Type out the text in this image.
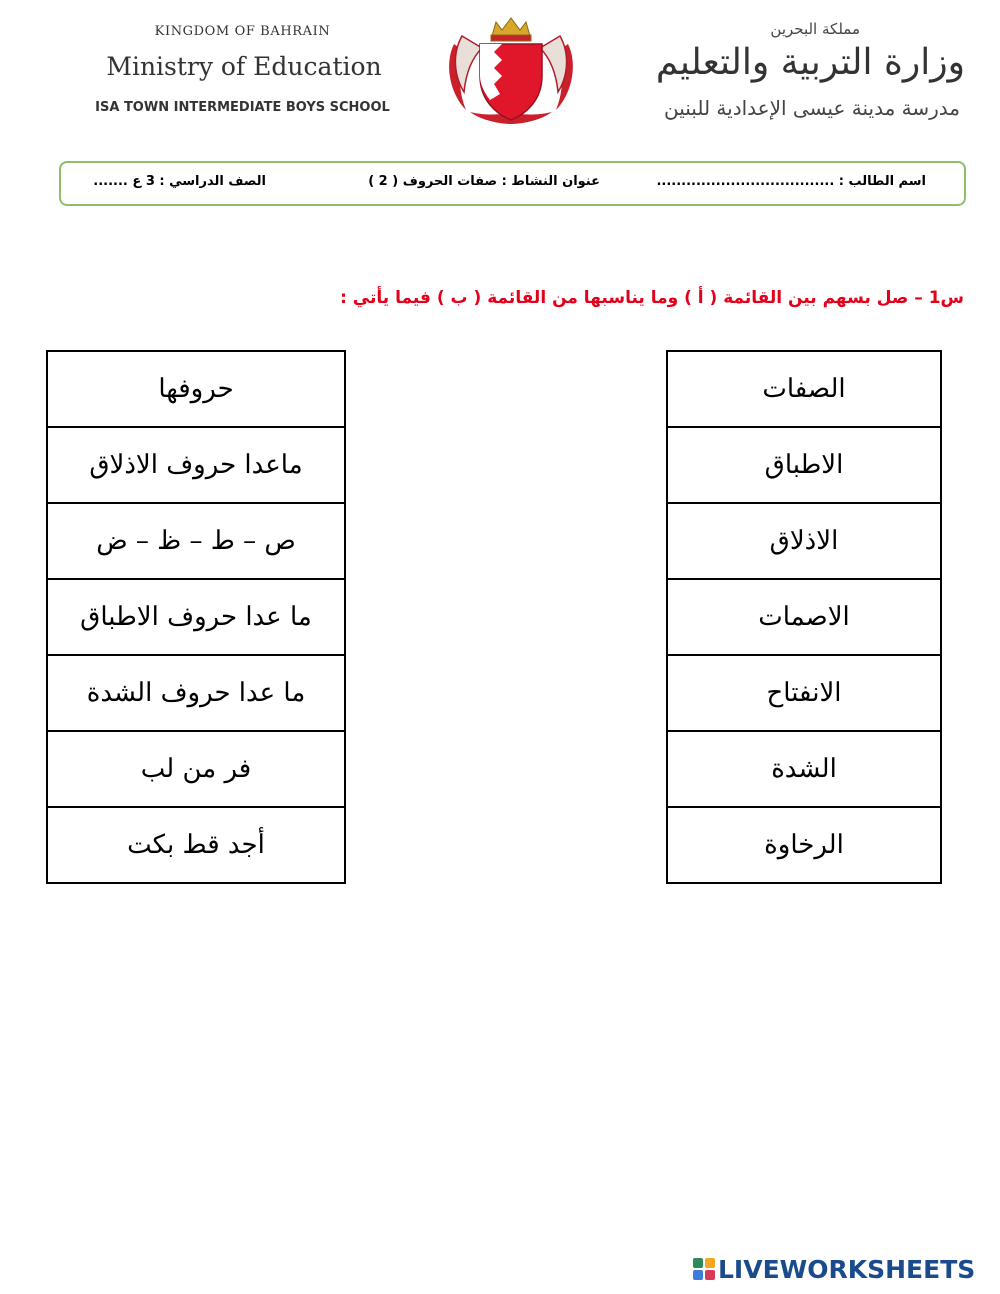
KINGDOM OF BAHRAIN
Ministry of Education
ISA TOWN INTERMEDIATE BOYS SCHOOL
مملكة البحرين
وزارة التربية والتعليم
مدرسة مدينة عيسى الإعدادية للبنين
اسم الطالب : ....................................
عنوان النشاط : صفات الحروف ( 2 )
الصف الدراسي : 3 ع .......
س1 – صل بسهم بين القائمة ( أ ) وما يناسبها من القائمة ( ب ) فيما يأتي :
حروفها
ماعدا حروف الاذلاق
ص – ط – ظ – ض
ما عدا حروف الاطباق
ما عدا حروف الشدة
فر من لب
أجد قط بكت
الصفات
الاطباق
الاذلاق
الاصمات
الانفتاح
الشدة
الرخاوة
LIVEWORKSHEETS
